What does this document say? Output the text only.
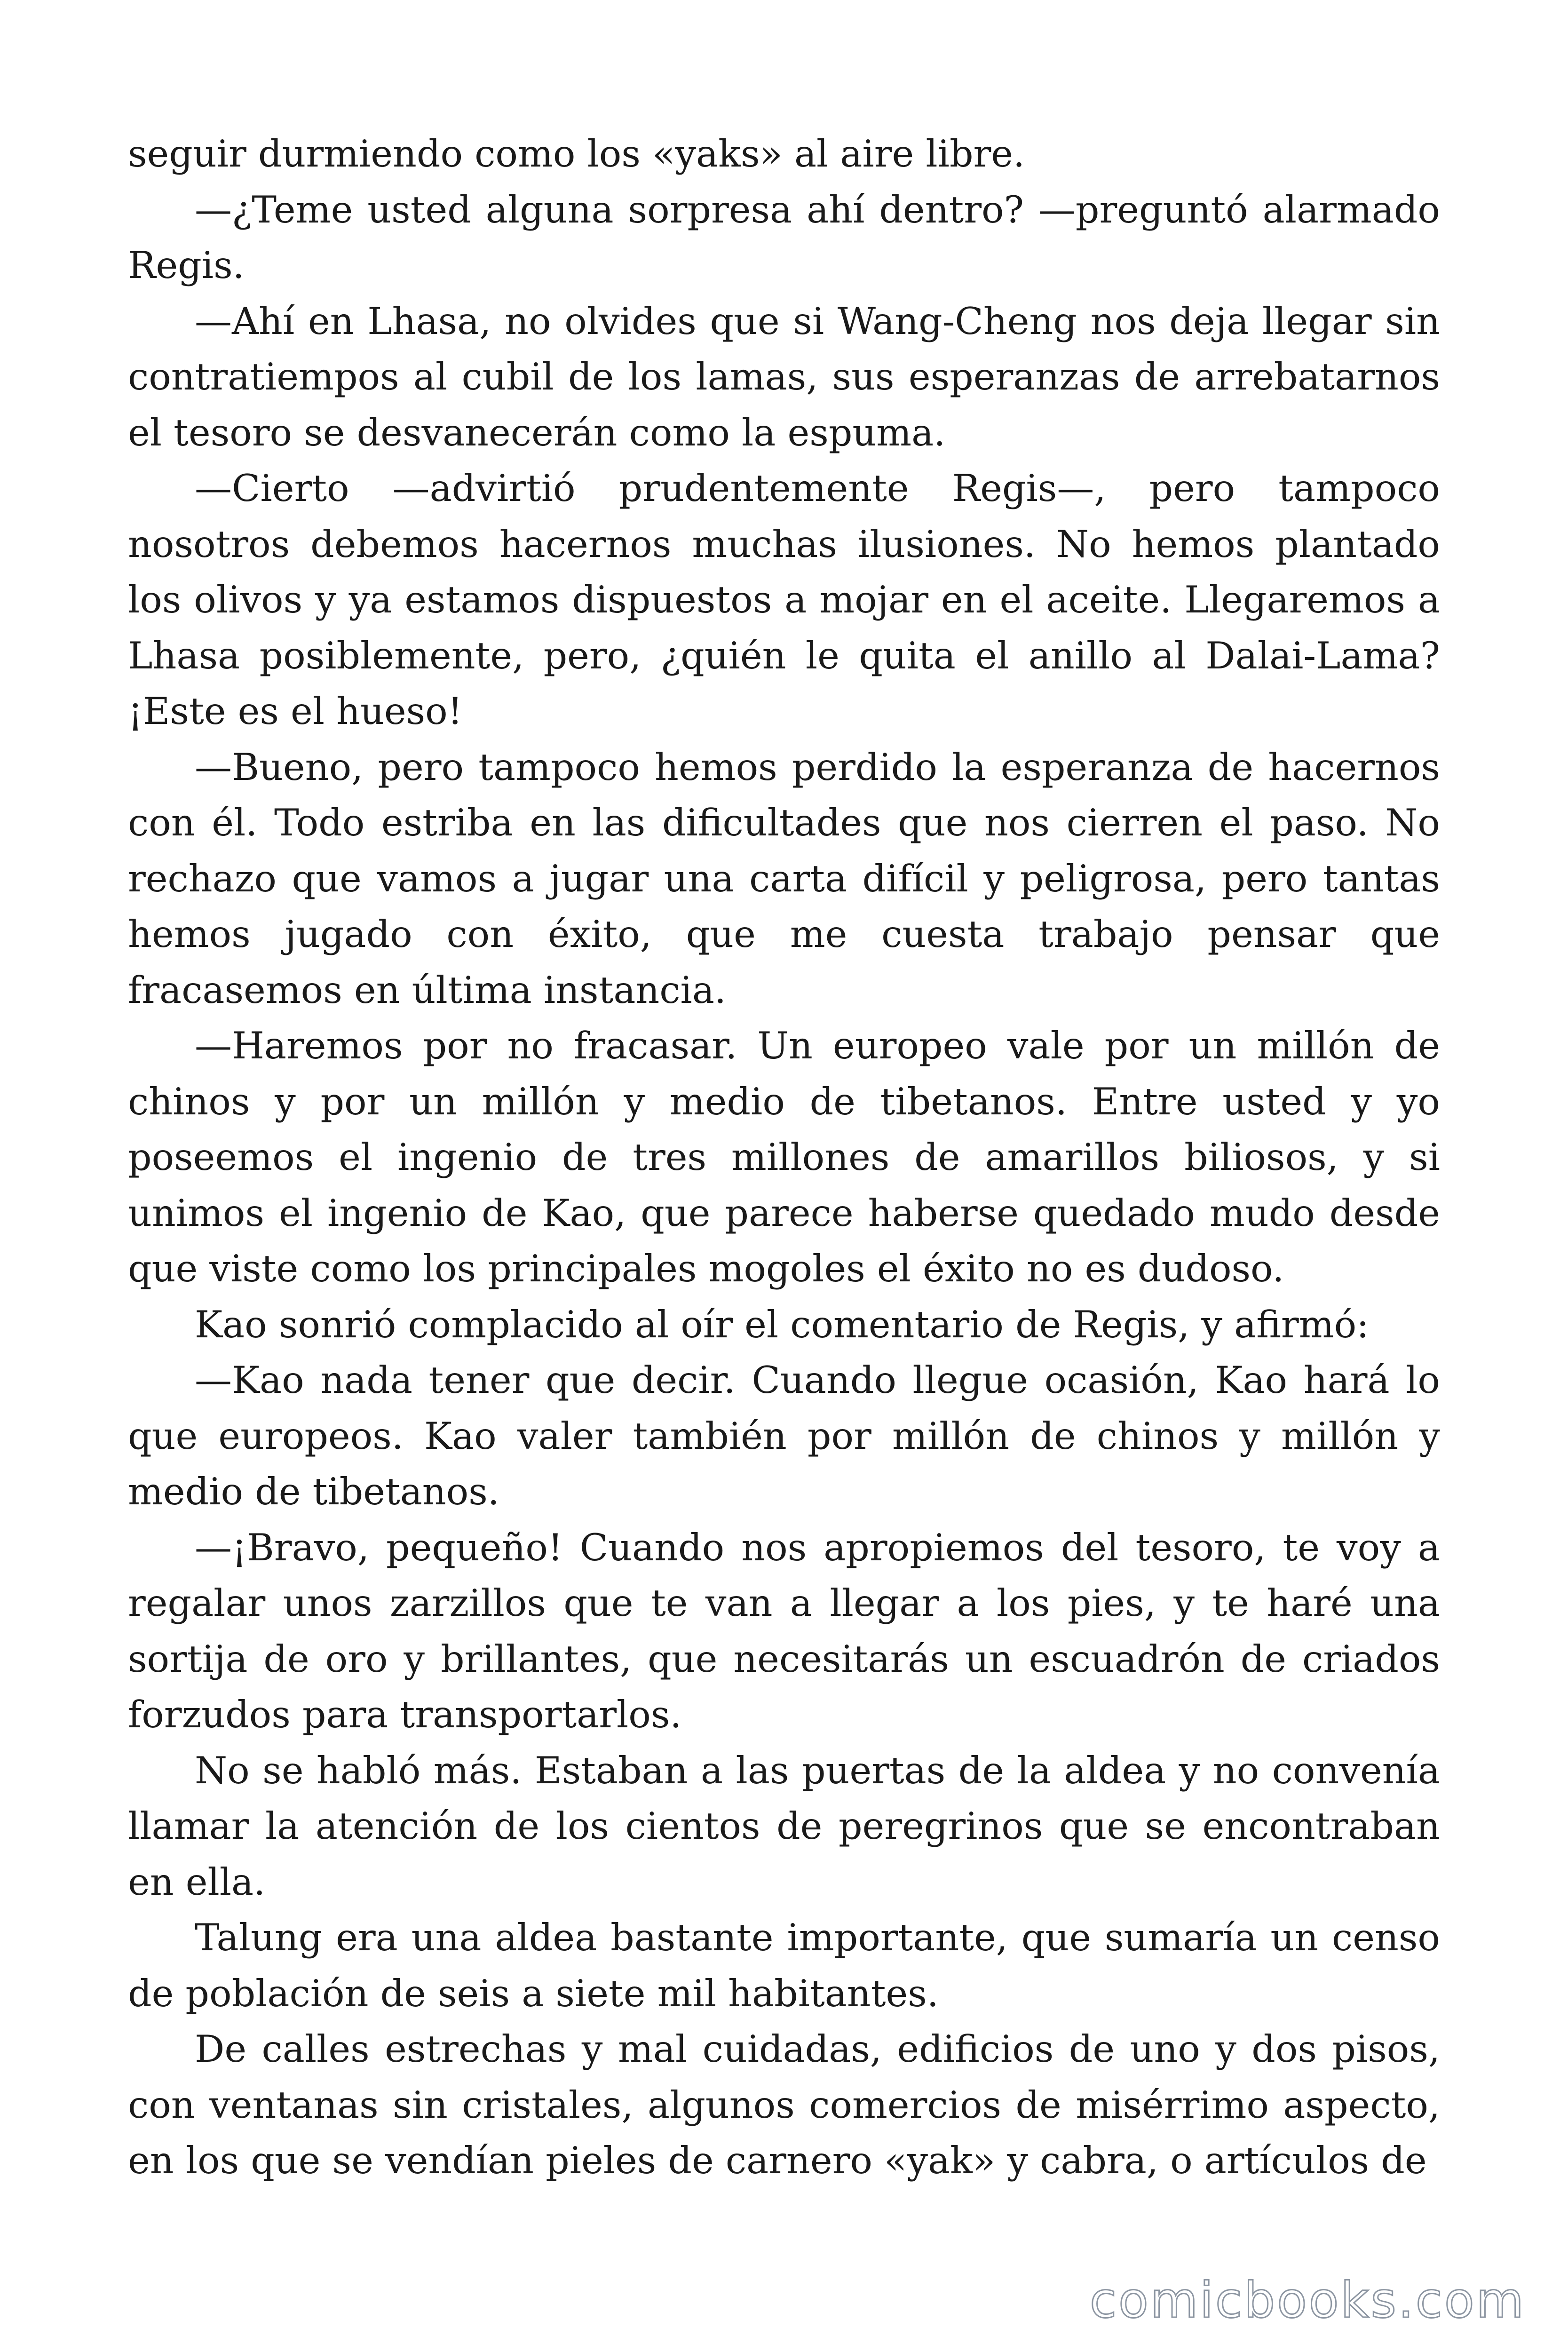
seguir durmiendo como los «yaks» al aire libre.

—¿Teme usted alguna sorpresa ahí dentro? —preguntó alarmado Regis.

—Ahí en Lhasa, no olvides que si Wang-Cheng nos deja llegar sin contratiempos al cubil de los lamas, sus esperanzas de arrebatarnos el tesoro se desvanecerán como la espuma.

—Cierto —advirtió prudentemente Regis—, pero tampoco nosotros debemos hacernos muchas ilusiones. No hemos plantado los olivos y ya estamos dispuestos a mojar en el aceite. Llegaremos a Lhasa posiblemente, pero, ¿quién le quita el anillo al Dalai-Lama? ¡Este es el hueso!

—Bueno, pero tampoco hemos perdido la esperanza de hacernos con él. Todo estriba en las dificultades que nos cierren el paso. No rechazo que vamos a jugar una carta difícil y peligrosa, pero tantas hemos jugado con éxito, que me cuesta trabajo pensar que fracasemos en última instancia.

—Haremos por no fracasar. Un europeo vale por un millón de chinos y por un millón y medio de tibetanos. Entre usted y yo poseemos el ingenio de tres millones de amarillos biliosos, y si unimos el ingenio de Kao, que parece haberse quedado mudo desde que viste como los principales mogoles el éxito no es dudoso.

Kao sonrió complacido al oír el comentario de Regis, y afirmó:

—Kao nada tener que decir. Cuando llegue ocasión, Kao hará lo que europeos. Kao valer también por millón de chinos y millón y medio de tibetanos.

—¡Bravo, pequeño! Cuando nos apropiemos del tesoro, te voy a regalar unos zarzillos que te van a llegar a los pies, y te haré una sortija de oro y brillantes, que necesitarás un escuadrón de criados forzudos para transportarlos.

No se habló más. Estaban a las puertas de la aldea y no convenía llamar la atención de los cientos de peregrinos que se encontraban en ella.

Talung era una aldea bastante importante, que sumaría un censo de población de seis a siete mil habitantes.

De calles estrechas y mal cuidadas, edificios de uno y dos pisos, con ventanas sin cristales, algunos comercios de misérrimo aspecto, en los que se vendían pieles de carnero «yak» y cabra, o artículos de

comicbooks.com
